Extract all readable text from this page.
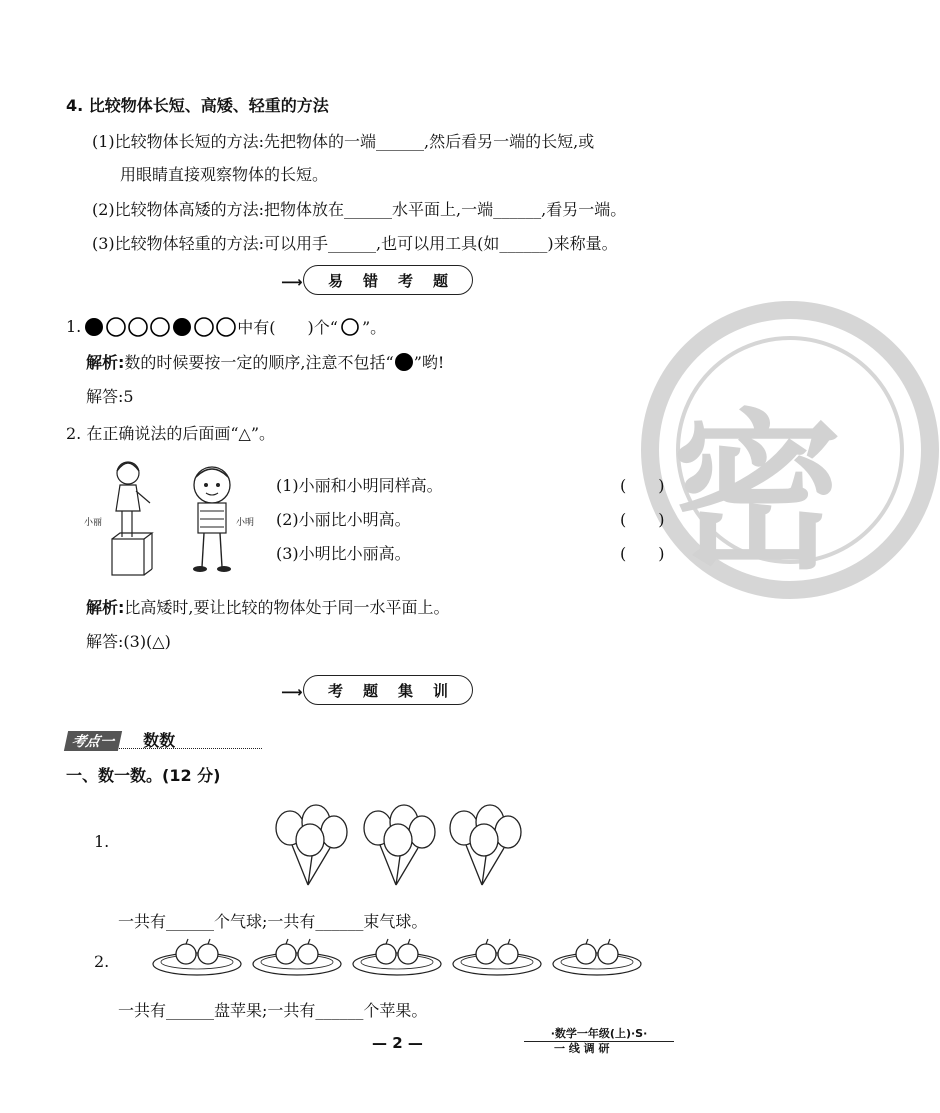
密
4. 比较物体长短、高矮、轻重的方法
(1)比较物体长短的方法:先把物体的一端______,然后看另一端的长短,或
用眼睛直接观察物体的长短。
(2)比较物体高矮的方法:把物体放在______水平面上,一端______,看另一端。
(3)比较物体轻重的方法:可以用手______,也可以用工具(如______)来称量。
⟶ 易 错 考 题
1.	中有(　　)个“ ”。
解析: 数的时候要按一定的顺序,注意不包括“ ”哟!
解答:5
2. 在正确说法的后面画“△”。
小丽	小明
(1)小丽和小明同样高。	(　　)
(2)小丽比小明高。	(　　)
(3)小明比小丽高。	(　　)
解析:比高矮时,要让比较的物体处于同一水平面上。
解答:(3)(△)
⟶ 考 题 集 训
考点一 数数
一、数一数。(12 分)
1.
一共有______个气球;一共有______束气球。
2.
一共有______盘苹果;一共有______个苹果。
— 2 —
·数学一年级(上)·S·
一 线 调 研
